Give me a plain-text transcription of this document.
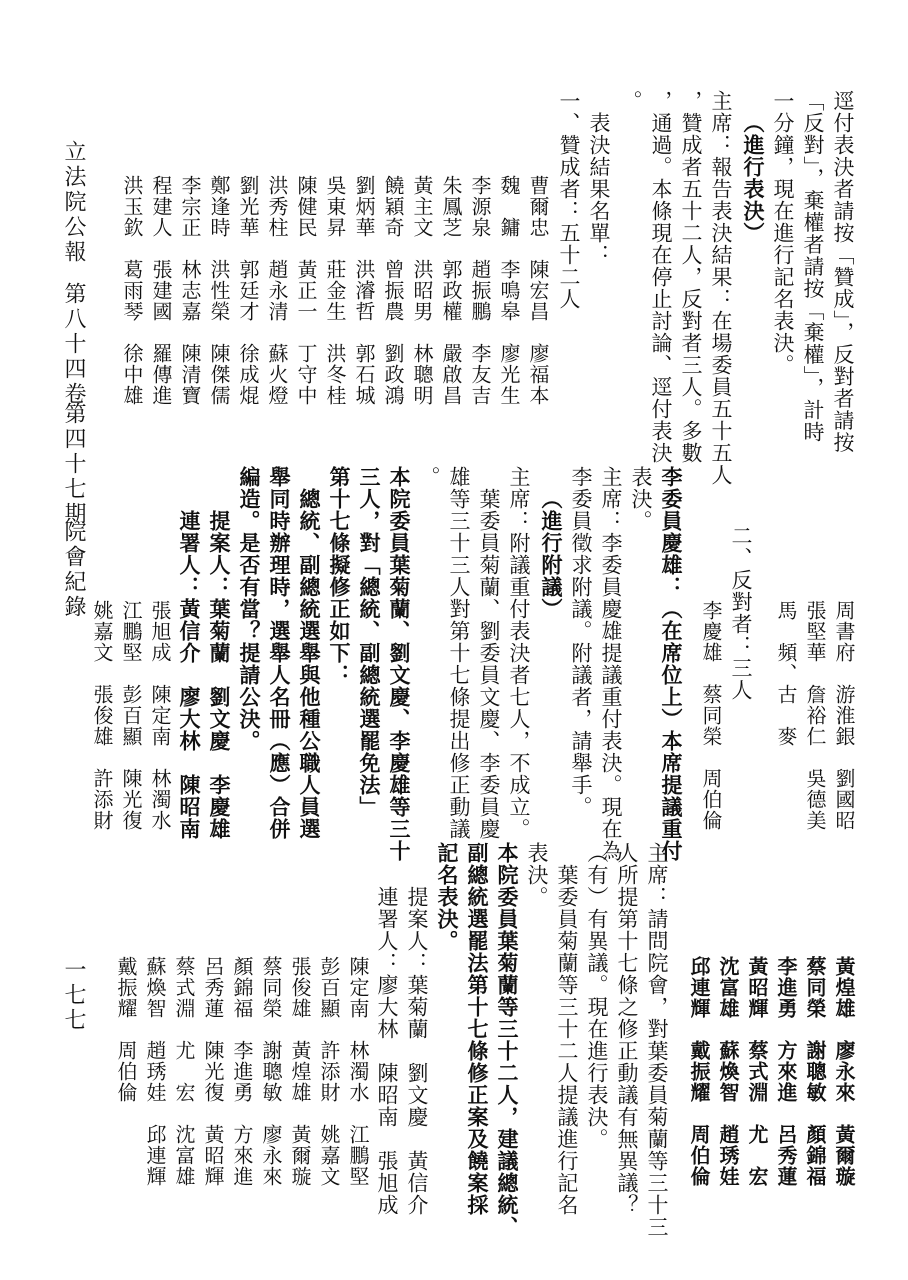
逕付表決者請按「贊成」，反對者請按
「反對」，棄權者請按「棄權」，計時
一分鐘，現在進行記名表決。
（進行表決）
主席：報告表決結果：在場委員五十五人
，贊成者五十二人，反對者三人。多數
，通過。本條現在停止討論、逕付表決
。
表決結果名單：
一、贊成者：五十二人
曹爾忠　陳宏昌　廖福本
魏　鏞　李鳴皋　廖光生
李源泉　趙振鵬　李友吉
朱鳳芝　郭政權　嚴啟昌
黃主文　洪昭男　林聰明
饒穎奇　曾振農　劉政鴻
劉炳華　洪濬哲　郭石城
吳東昇　莊金生　洪冬桂
陳健民　黃正一　丁守中
洪秀柱　趙永清　蘇火燈
劉光華　郭廷才　徐成焜
鄭逢時　洪性榮　陳傑儒
李宗正　林志嘉　陳清寶
程建人　張建國　羅傳進
洪玉欽　葛雨琴　徐中雄
周書府　游淮銀　劉國昭
張堅華　詹裕仁　吳德美
馬　頻、古　麥
二、反對者：三人
李慶雄　蔡同榮　周伯倫
李委員慶雄：（在席位上）本席提議重付
表決。
主席：李委員慶雄提議重付表決。現在為
李委員徵求附議。附議者，請舉手。
（進行附議）
主席：附議重付表決者七人，不成立。
葉委員菊蘭、劉委員文慶、李委員慶
雄等三十三人對第十七條提出修正動議
。
本院委員葉菊蘭、劉文慶、李慶雄等三十
三人，對「總統、副總統選罷免法」
第十七條擬修正如下：
總統、副總統選舉與他種公職人員選
舉同時辦理時，選舉人名冊（應）合併
編造。是否有當？提請公決。
提案人：葉菊蘭　劉文慶　李慶雄
連署人：黃信介　廖大林　陳昭南
張旭成　陳定南　林濁水
江鵬堅　彭百顯　陳光復
姚嘉文　張俊雄　許添財
黃煌雄　廖永來　黃爾璇
蔡同榮　謝聰敏　顏錦福
李進勇　方來進　呂秀蓮
黃昭輝　蔡式淵　尤　宏
沈富雄　蘇煥智　趙琇娃
邱連輝　戴振耀　周伯倫
主席：請問院會，對葉委員菊蘭等三十三
人所提第十七條之修正動議有無異議？
（有）有異議。現在進行表決。
葉委員菊蘭等三十二人提議進行記名
表決。
本院委員葉菊蘭等三十二人，建議總統、
副總統選罷法第十七條修正案及饒案採
記名表決。
提案人：葉菊蘭　劉文慶　黃信介
連署人：廖大林　陳昭南　張旭成
陳定南　林濁水　江鵬堅
彭百顯　許添財　姚嘉文
張俊雄　黃煌雄　黃爾璇
蔡同榮　謝聰敏　廖永來
顏錦福　李進勇　方來進
呂秀蓮　陳光復　黃昭輝
蔡式淵　尤　宏　沈富雄
蘇煥智　趙琇娃　邱連輝
戴振耀　周伯倫
立法院公報
第八十四卷
第四十七期
院會紀錄
一七七
